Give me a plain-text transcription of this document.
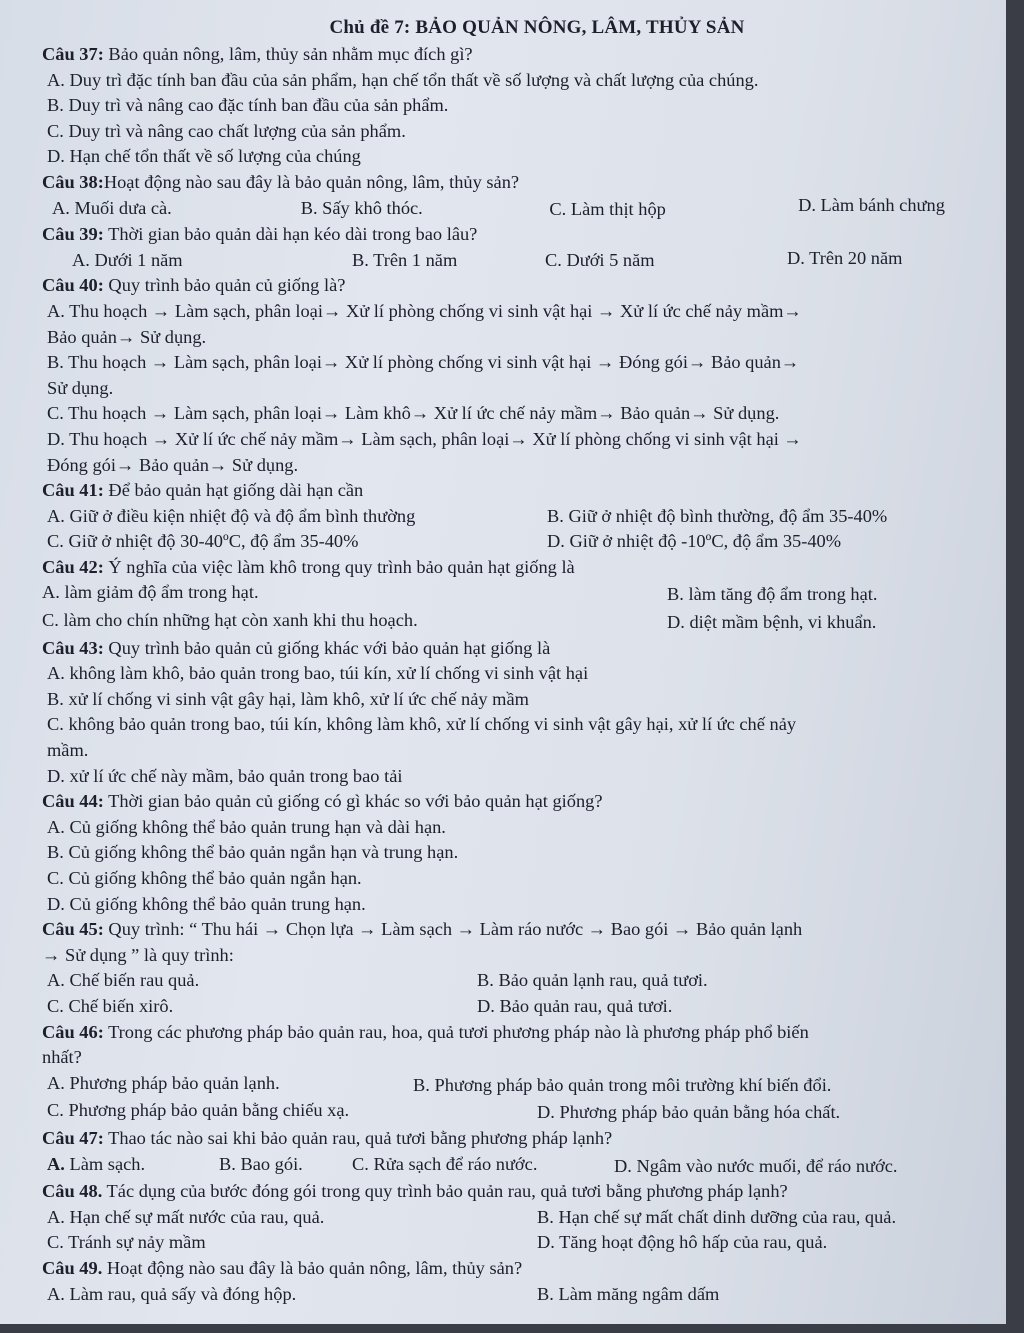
Chủ đề 7: BẢO QUẢN NÔNG, LÂM, THỦY SẢN

Câu 37: Bảo quản nông, lâm, thủy sản nhằm mục đích gì?

A. Duy trì đặc tính ban đầu của sản phẩm, hạn chế tổn thất về số lượng và chất lượng của chúng.

B. Duy trì và nâng cao đặc tính ban đầu của sản phẩm.

C. Duy trì và nâng cao chất lượng của sản phẩm.

D. Hạn chế tổn thất về số lượng của chúng

Câu 38:Hoạt động nào sau đây là bảo quản nông, lâm, thủy sản?

A. Muối dưa cà.	B. Sấy khô thóc.	C. Làm thịt hộp	D. Làm bánh chưng

Câu 39: Thời gian bảo quản dài hạn kéo dài trong bao lâu?

A. Dưới 1 năm	B. Trên 1 năm	C. Dưới 5 năm	D. Trên 20 năm

Câu 40: Quy trình bảo quản củ giống là?

A. Thu hoạch → Làm sạch, phân loại→ Xử lí phòng chống vi sinh vật hại → Xử lí ức chế nảy mầm→

Bảo quản→ Sử dụng.

B. Thu hoạch → Làm sạch, phân loại→ Xử lí phòng chống vi sinh vật hại → Đóng gói→ Bảo quản→

Sử dụng.

C. Thu hoạch → Làm sạch, phân loại→ Làm khô→ Xử lí ức chế nảy mầm→ Bảo quản→ Sử dụng.

D. Thu hoạch → Xử lí ức chế nảy mầm→ Làm sạch, phân loại→ Xử lí phòng chống vi sinh vật hại →

Đóng gói→ Bảo quản→ Sử dụng.

Câu 41: Để bảo quản hạt giống dài hạn cần

A. Giữ ở điều kiện nhiệt độ và độ ẩm bình thường	B. Giữ ở nhiệt độ bình thường, độ ẩm 35-40%
C. Giữ ở nhiệt độ 30-40ºC, độ ẩm 35-40%	D. Giữ ở nhiệt độ -10ºC, độ ẩm 35-40%

Câu 42: Ý nghĩa của việc làm khô trong quy trình bảo quản hạt giống là

A. làm giảm độ ẩm trong hạt.	B. làm tăng độ ẩm trong hạt.
C. làm cho chín những hạt còn xanh khi thu hoạch.	D. diệt mầm bệnh, vi khuẩn.

Câu 43: Quy trình bảo quản củ giống khác với bảo quản hạt giống là

A. không làm khô, bảo quản trong bao, túi kín, xử lí chống vi sinh vật hại

B. xử lí chống vi sinh vật gây hại, làm khô, xử lí ức chế nảy mầm

C. không bảo quản trong bao, túi kín, không làm khô, xử lí chống vi sinh vật gây hại, xử lí ức chế nảy

mầm.

D. xử lí ức chế này mầm, bảo quản trong bao tải

Câu 44: Thời gian bảo quản củ giống có gì khác so với bảo quản hạt giống?

A. Củ giống không thể bảo quản trung hạn và dài hạn.

B. Củ giống không thể bảo quản ngắn hạn và trung hạn.

C. Củ giống không thể bảo quản ngắn hạn.

D. Củ giống không thể bảo quản trung hạn.

Câu 45: Quy trình: “ Thu hái → Chọn lựa → Làm sạch → Làm ráo nước → Bao gói → Bảo quản lạnh

→ Sử dụng ” là quy trình:

A. Chế biến rau quả.	B. Bảo quản lạnh rau, quả tươi.
C. Chế biến xirô.	D. Bảo quản rau, quả tươi.

Câu 46: Trong các phương pháp bảo quản rau, hoa, quả tươi phương pháp nào là phương pháp phổ biến

nhất?

A. Phương pháp bảo quản lạnh.	B. Phương pháp bảo quản trong môi trường khí biến đổi.
C. Phương pháp bảo quản bằng chiếu xạ.	D. Phương pháp bảo quản bằng hóa chất.

Câu 47: Thao tác nào sai khi bảo quản rau, quả tươi bằng phương pháp lạnh?

A. Làm sạch.	B. Bao gói.	C. Rửa sạch để ráo nước.	D. Ngâm vào nước muối, để ráo nước.

Câu 48. Tác dụng của bước đóng gói trong quy trình bảo quản rau, quả tươi bằng phương pháp lạnh?

A. Hạn chế sự mất nước của rau, quả.	B. Hạn chế sự mất chất dinh dưỡng của rau, quả.
C. Tránh sự nảy mầm	D. Tăng hoạt động hô hấp của rau, quả.

Câu 49. Hoạt động nào sau đây là bảo quản nông, lâm, thủy sản?

A. Làm rau, quả sấy và đóng hộp.	B. Làm măng ngâm dấm
